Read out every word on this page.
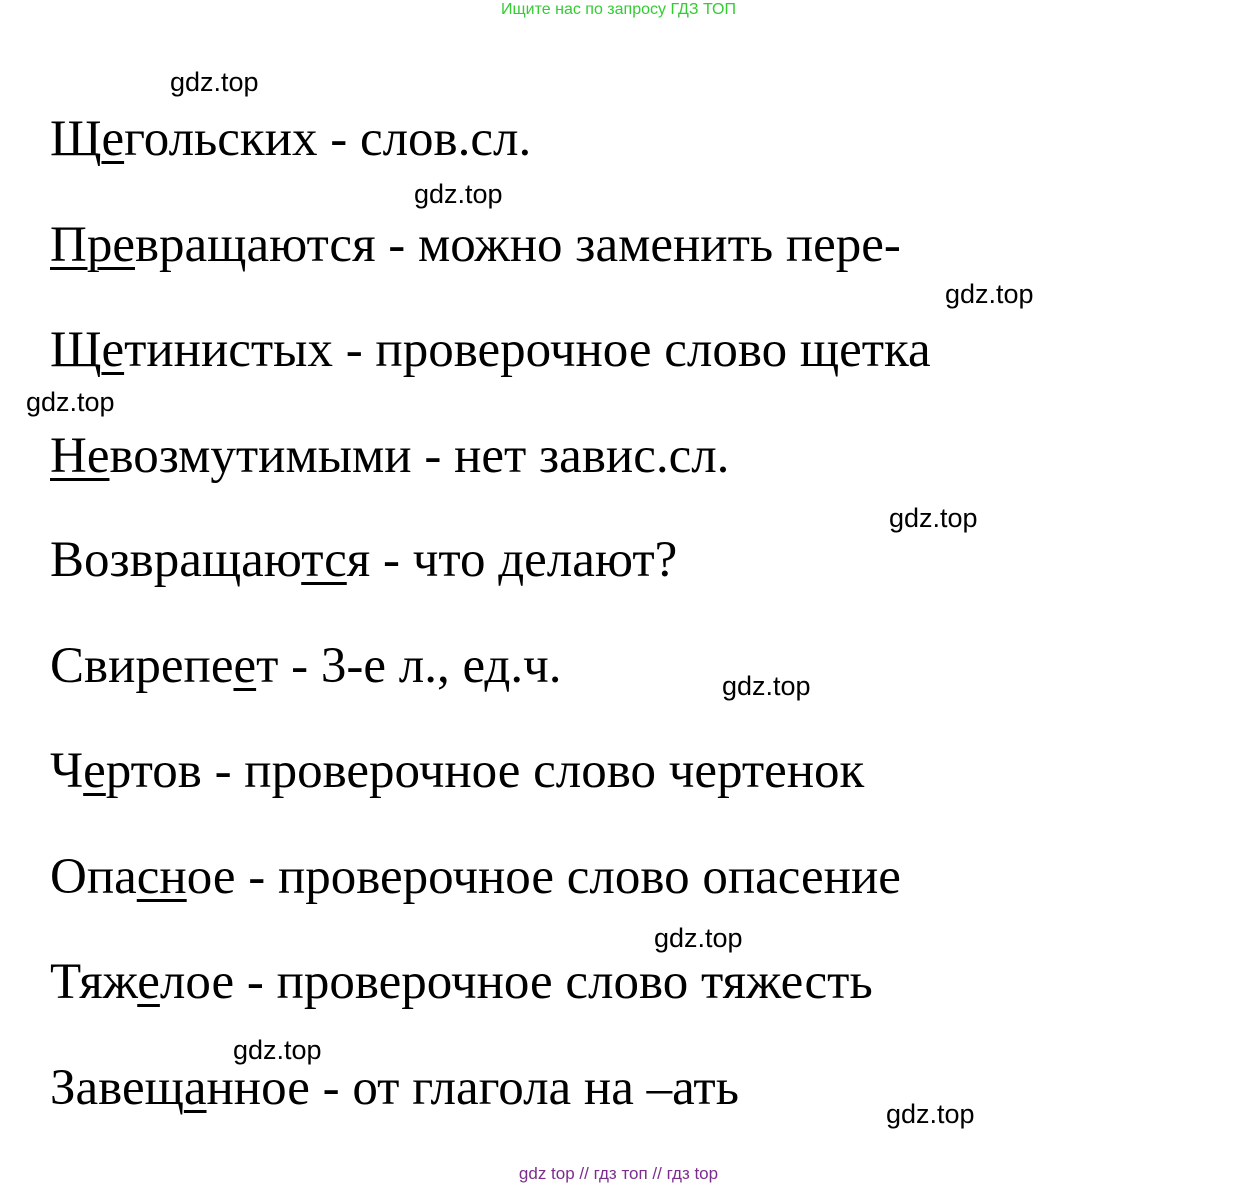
Ищите нас по запросу ГДЗ ТОП
Щегольских - слов.сл.
Превращаются - можно заменить пере-
Щетинистых - проверочное слово щетка
Невозмутимыми - нет завис.сл.
Возвращаются - что делают?
Свирепеет - 3-е л., ед.ч.
Чертов - проверочное слово чертенок
Опасное - проверочное слово опасение
Тяжелое - проверочное слово тяжесть
Завещанное - от глагола на –ать
gdz.top
gdz.top
gdz.top
gdz.top
gdz.top
gdz.top
gdz.top
gdz.top
gdz.top
gdz top // гдз топ // гдз top
